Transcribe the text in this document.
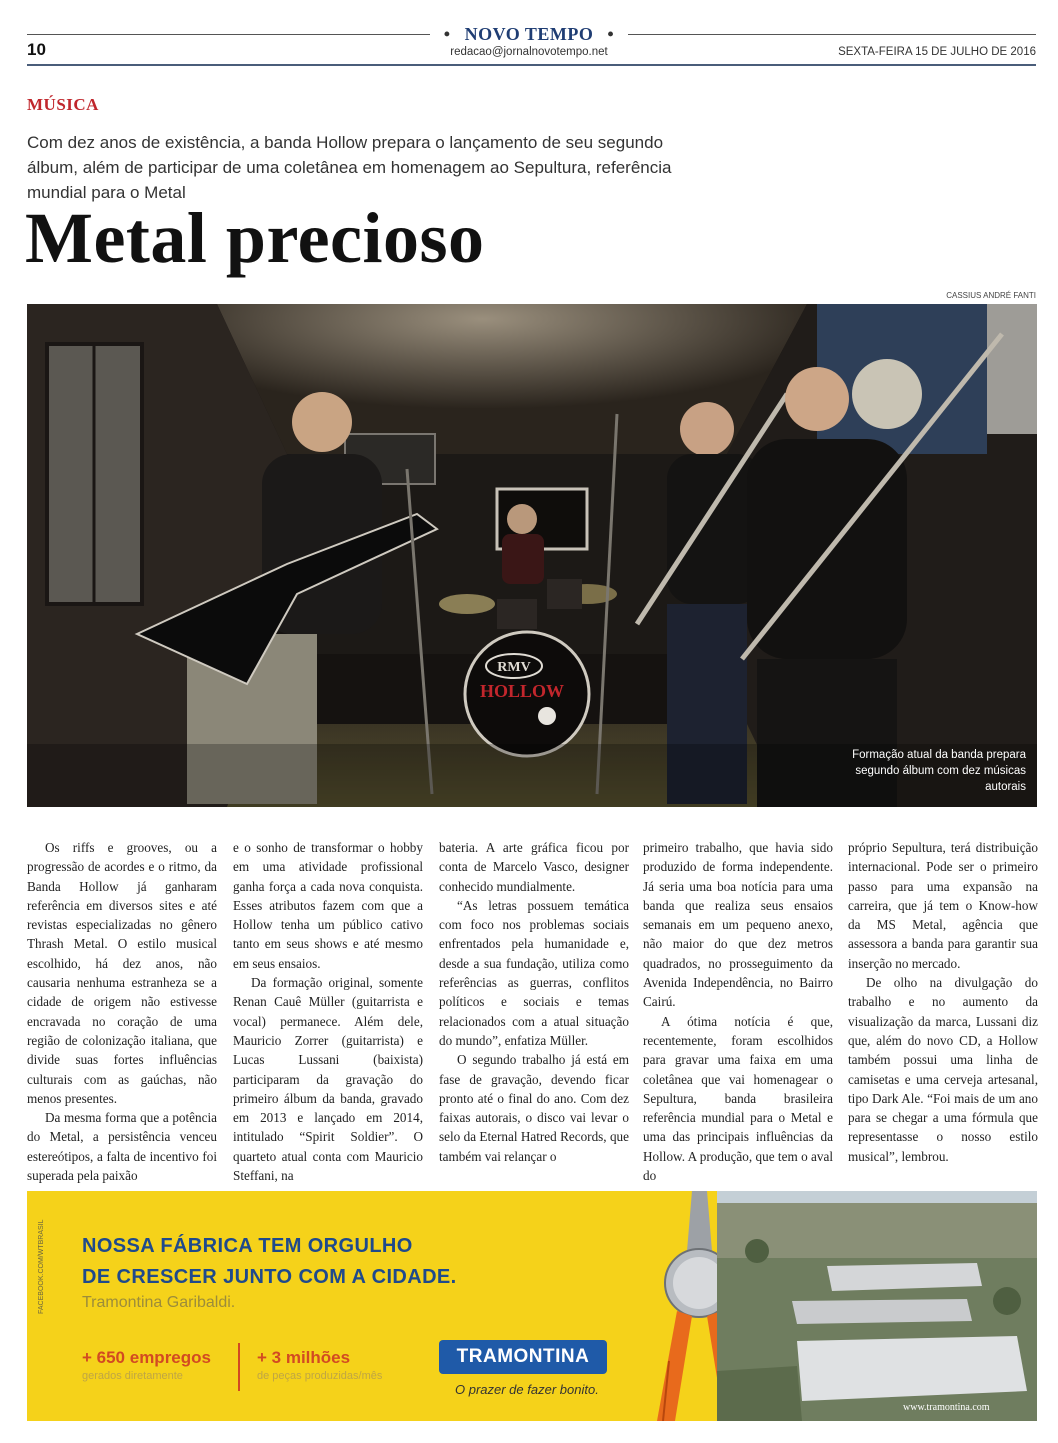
• NOVO TEMPO •
10	redacao@jornalnovotempo.net	SEXTA-FEIRA 15 DE JULHO DE 2016
MÚSICA
Com dez anos de existência, a banda Hollow prepara o lançamento de seu segundo álbum, além de participar de uma coletânea em homenagem ao Sepultura, referência mundial para o Metal
Metal precioso
CASSIUS ANDRÉ FANTI
RMV
HOLLOW
Formação atual da banda prepara segundo álbum com dez músicas autorais

Os riffs e grooves, ou a progressão de acordes e o ritmo, da Banda Hollow já ganharam referência em diversos sites e até revistas especializadas no gênero Thrash Metal. O estilo musical escolhido, há dez anos, não causaria nenhuma estranheza se a cidade de origem não estivesse encravada no coração de uma região de colonização italiana, que divide suas fortes influências culturais com as gaúchas, não menos presentes.

Da mesma forma que a potência do Metal, a persistência venceu estereótipos, a falta de incentivo foi superada pela paixão

e o sonho de transformar o hobby em uma atividade profissional ganha força a cada nova conquista. Esses atributos fazem com que a Hollow tenha um público cativo tanto em seus shows e até mesmo em seus ensaios.

Da formação original, somente Renan Cauê Müller (guitarrista e vocal) permanece. Além dele, Mauricio Zorrer (guitarrista) e Lucas Lussani (baixista) participaram da gravação do primeiro álbum da banda, gravado em 2013 e lançado em 2014, intitulado “Spirit Soldier”. O quarteto atual conta com Mauricio Steffani, na

bateria. A arte gráfica ficou por conta de Marcelo Vasco, designer conhecido mundialmente.

“As letras possuem temática com foco nos problemas sociais enfrentados pela humanidade e, desde a sua fundação, utiliza como referências as guerras, conflitos políticos e sociais e temas relacionados com a atual situação do mundo”, enfatiza Müller.

O segundo trabalho já está em fase de gravação, devendo ficar pronto até o final do ano. Com dez faixas autorais, o disco vai levar o selo da Eternal Hatred Records, que também vai relançar o

primeiro trabalho, que havia sido produzido de forma independente. Já seria uma boa notícia para uma banda que realiza seus ensaios semanais em um pequeno anexo, não maior do que dez metros quadrados, no prosseguimento da Avenida Independência, no Bairro Cairú.

A ótima notícia é que, recentemente, foram escolhidos para gravar uma faixa em uma coletânea que vai homenagear o Sepultura, banda brasileira referência mundial para o Metal e uma das principais influências da Hollow. A produção, que tem o aval do

próprio Sepultura, terá distribuição internacional. Pode ser o primeiro passo para uma expansão na carreira, que já tem o Know-how da MS Metal, agência que assessora a banda para garantir sua inserção no mercado.

De olho na divulgação do trabalho e no aumento da visualização da marca, Lussani diz que, além do novo CD, a Hollow também possui uma linha de camisetas e uma cerveja artesanal, tipo Dark Ale. “Foi mais de um ano para se chegar a uma fórmula que representasse o nosso estilo musical”, lembrou.

FACEBOOK.COM/WTBRASIL NOSSA FÁBRICA TEM ORGULHO
DE CRESCER JUNTO COM A CIDADE.
Tramontina Garibaldi.
+ 650 empregos
gerados diretamente
+ 3 milhões
de peças produzidas/mês
TRAMONTINA
O prazer de fazer bonito.
www.tramontina.com
